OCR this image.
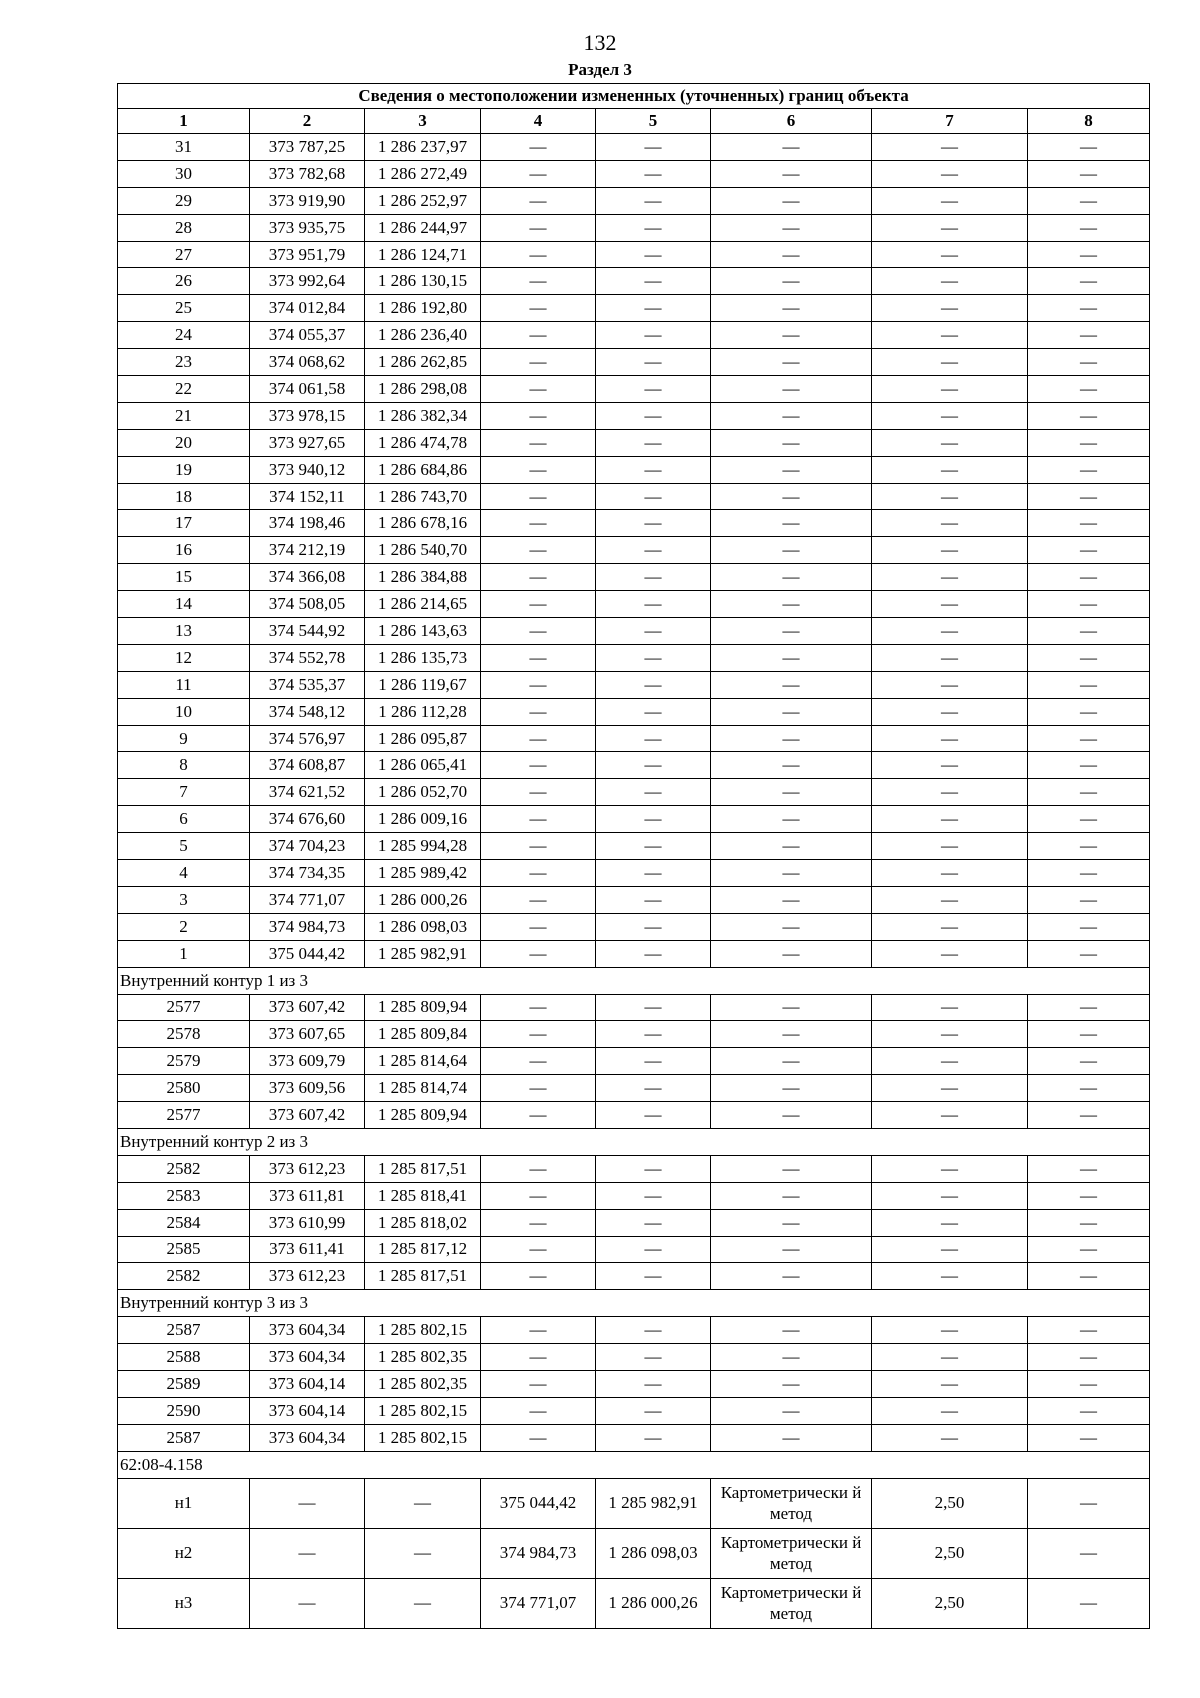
132
Раздел 3
Сведения о местоположении измененных (уточненных) границ объекта							
1	2	3	4	5	6	7	8
31	373 787,25	1 286 237,97	—	—	—	—	—
30	373 782,68	1 286 272,49	—	—	—	—	—
29	373 919,90	1 286 252,97	—	—	—	—	—
28	373 935,75	1 286 244,97	—	—	—	—	—
27	373 951,79	1 286 124,71	—	—	—	—	—
26	373 992,64	1 286 130,15	—	—	—	—	—
25	374 012,84	1 286 192,80	—	—	—	—	—
24	374 055,37	1 286 236,40	—	—	—	—	—
23	374 068,62	1 286 262,85	—	—	—	—	—
22	374 061,58	1 286 298,08	—	—	—	—	—
21	373 978,15	1 286 382,34	—	—	—	—	—
20	373 927,65	1 286 474,78	—	—	—	—	—
19	373 940,12	1 286 684,86	—	—	—	—	—
18	374 152,11	1 286 743,70	—	—	—	—	—
17	374 198,46	1 286 678,16	—	—	—	—	—
16	374 212,19	1 286 540,70	—	—	—	—	—
15	374 366,08	1 286 384,88	—	—	—	—	—
14	374 508,05	1 286 214,65	—	—	—	—	—
13	374 544,92	1 286 143,63	—	—	—	—	—
12	374 552,78	1 286 135,73	—	—	—	—	—
11	374 535,37	1 286 119,67	—	—	—	—	—
10	374 548,12	1 286 112,28	—	—	—	—	—
9	374 576,97	1 286 095,87	—	—	—	—	—
8	374 608,87	1 286 065,41	—	—	—	—	—
7	374 621,52	1 286 052,70	—	—	—	—	—
6	374 676,60	1 286 009,16	—	—	—	—	—
5	374 704,23	1 285 994,28	—	—	—	—	—
4	374 734,35	1 285 989,42	—	—	—	—	—
3	374 771,07	1 286 000,26	—	—	—	—	—
2	374 984,73	1 286 098,03	—	—	—	—	—
1	375 044,42	1 285 982,91	—	—	—	—	—
Внутренний контур 1 из 3							
2577	373 607,42	1 285 809,94	—	—	—	—	—
2578	373 607,65	1 285 809,84	—	—	—	—	—
2579	373 609,79	1 285 814,64	—	—	—	—	—
2580	373 609,56	1 285 814,74	—	—	—	—	—
2577	373 607,42	1 285 809,94	—	—	—	—	—
Внутренний контур 2 из 3							
2582	373 612,23	1 285 817,51	—	—	—	—	—
2583	373 611,81	1 285 818,41	—	—	—	—	—
2584	373 610,99	1 285 818,02	—	—	—	—	—
2585	373 611,41	1 285 817,12	—	—	—	—	—
2582	373 612,23	1 285 817,51	—	—	—	—	—
Внутренний контур 3 из 3							
2587	373 604,34	1 285 802,15	—	—	—	—	—
2588	373 604,34	1 285 802,35	—	—	—	—	—
2589	373 604,14	1 285 802,35	—	—	—	—	—
2590	373 604,14	1 285 802,15	—	—	—	—	—
2587	373 604,34	1 285 802,15	—	—	—	—	—
62:08-4.158							
н1	—	—	375 044,42	1 285 982,91	Картометрически й метод	2,50	—
н2	—	—	374 984,73	1 286 098,03	Картометрически й метод	2,50	—
н3	—	—	374 771,07	1 286 000,26	Картометрически й метод	2,50	—
